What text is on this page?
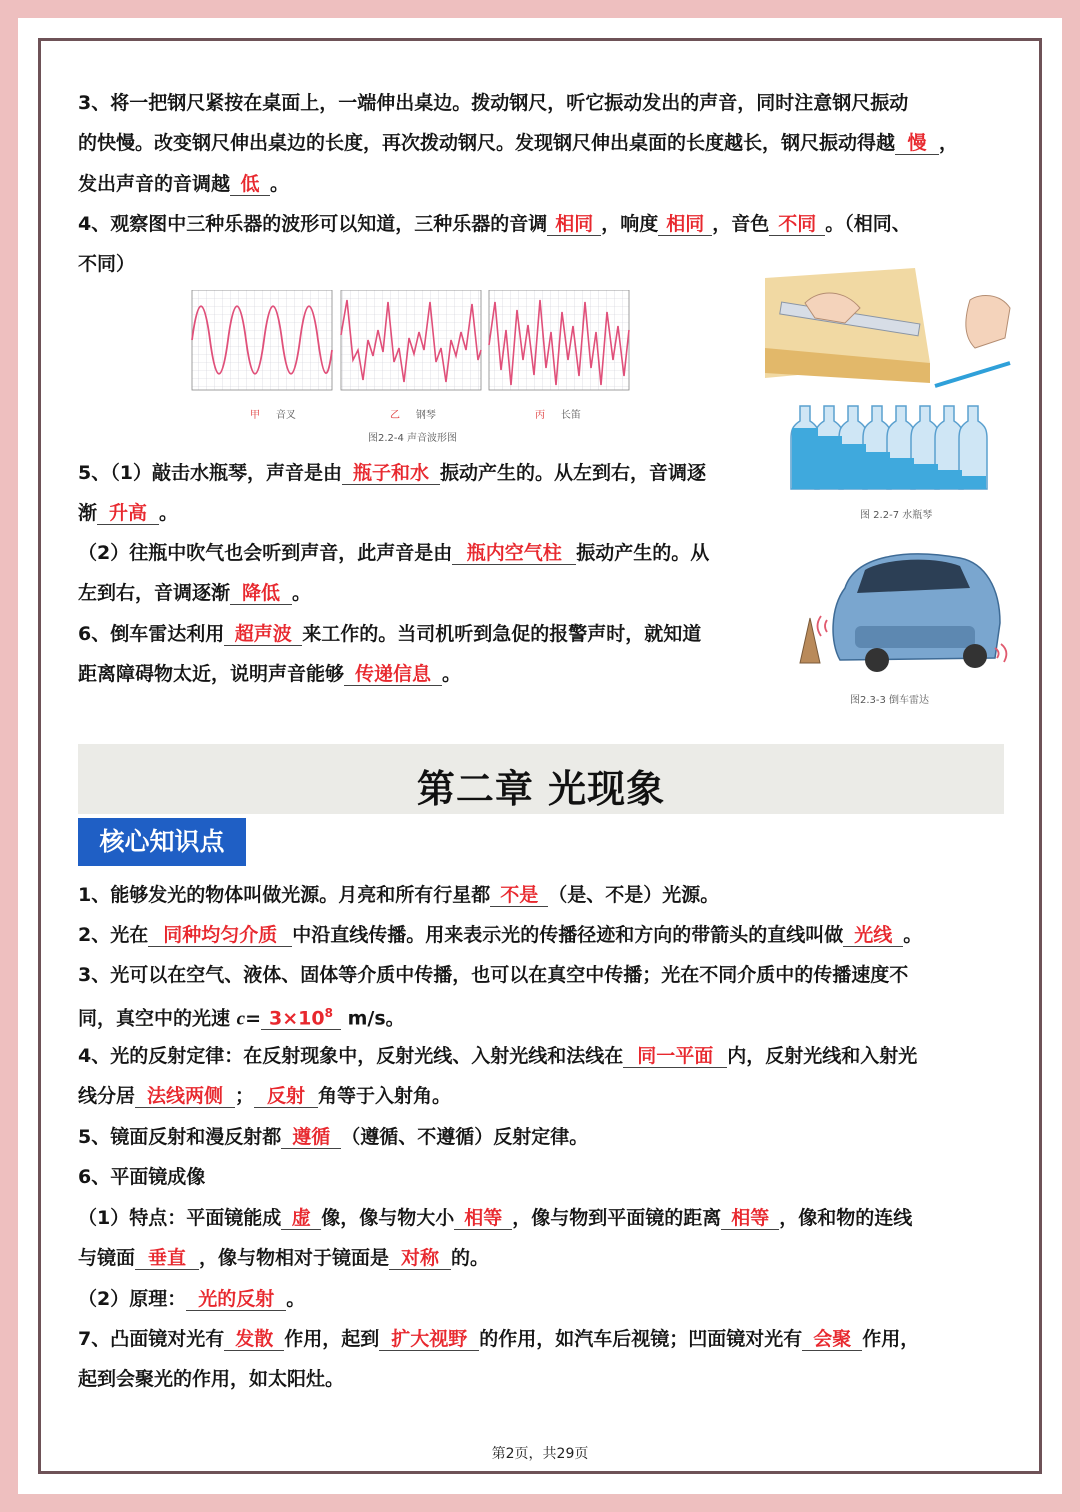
3、将一把钢尺紧按在桌面上，一端伸出桌边。拨动钢尺，听它振动发出的声音，同时注意钢尺振动
的快慢。改变钢尺伸出桌边的长度，再次拨动钢尺。发现钢尺伸出桌面的长度越长，钢尺振动得越 慢 ，
发出声音的音调越 低 。
4、观察图中三种乐器的波形可以知道，三种乐器的音调 相同 ，响度 相同 ，音色 不同 。（相同、
不同）
甲 音叉	乙 钢琴	丙 长笛
图2.2-4 声音波形图
图 2.2-7 水瓶琴
图2.3-3 倒车雷达
5、（1）敲击水瓶琴，声音是由 瓶子和水 振动产生的。从左到右，音调逐
渐 升高 。
（2）往瓶中吹气也会听到声音，此声音是由 瓶内空气柱 振动产生的。从
左到右，音调逐渐 降低 。
6、倒车雷达利用 超声波 来工作的。当司机听到急促的报警声时，就知道
距离障碍物太近，说明声音能够 传递信息 。
第二章 光现象
核心知识点
1、能够发光的物体叫做光源。月亮和所有行星都 不是 （是、不是）光源。
2、光在 同种均匀介质 中沿直线传播。用来表示光的传播径迹和方向的带箭头的直线叫做 光线 。
3、光可以在空气、液体、固体等介质中传播，也可以在真空中传播；光在不同介质中的传播速度不
同，真空中的光速 $c= 3\times 10^8$ m/s。
4、光的反射定律：在反射现象中，反射光线、入射光线和法线在 同一平面 内，反射光线和入射光
线分居 法线两侧 ； 反射 角等于入射角。
5、镜面反射和漫反射都 遵循 （遵循、不遵循）反射定律。
6、平面镜成像
（1）特点：平面镜能成 虚 像，像与物大小 相等 ，像与物到平面镜的距离 相等 ，像和物的连线
与镜面 垂直 ，像与物相对于镜面是 对称 的。
（2）原理： 光的反射 。
7、凸面镜对光有 发散 作用，起到 扩大视野 的作用，如汽车后视镜；凹面镜对光有 会聚 作用，
起到会聚光的作用，如太阳灶。
第2页，共29页
